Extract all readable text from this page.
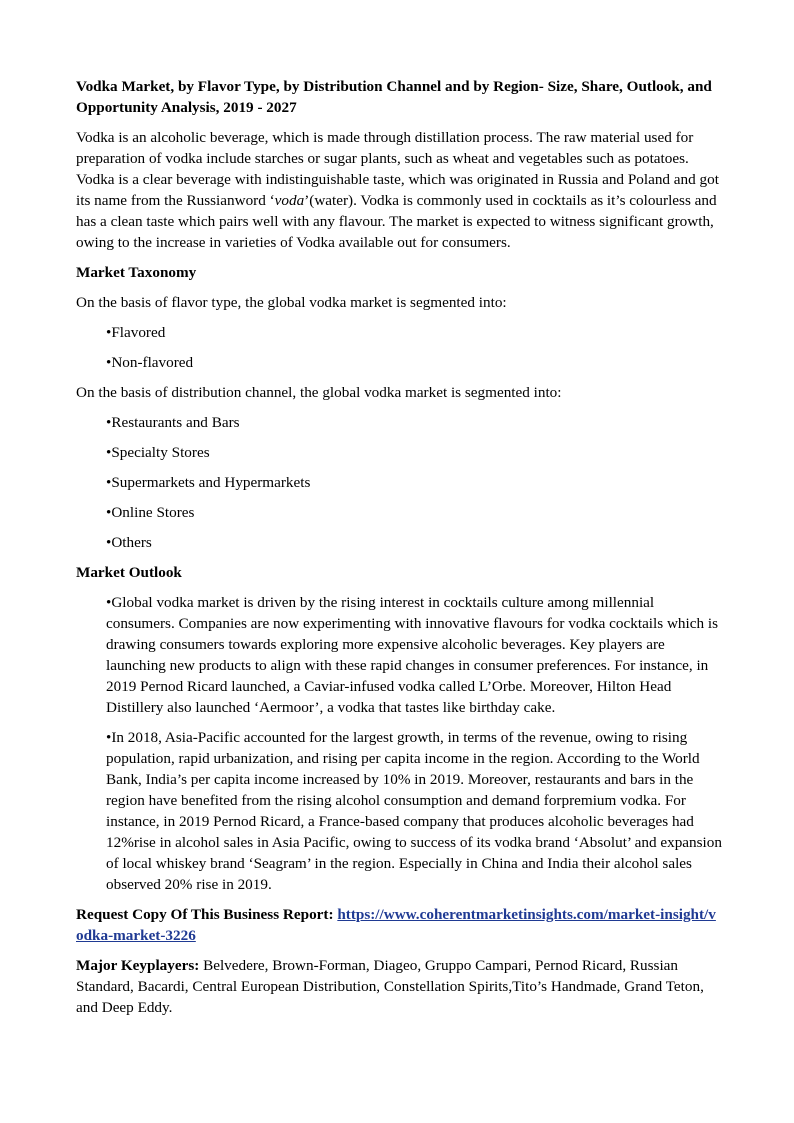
Vodka Market, by Flavor Type, by Distribution Channel and by Region- Size, Share, Outlook, and Opportunity Analysis, 2019 - 2027

Vodka is an alcoholic beverage, which is made through distillation process. The raw material used for preparation of vodka include starches or sugar plants, such as wheat and vegetables such as potatoes. Vodka is a clear beverage with indistinguishable taste, which was originated in Russia and Poland and got its name from the Russianword ‘voda’(water). Vodka is commonly used in cocktails as it’s colourless and has a clean taste which pairs well with any flavour. The market is expected to witness significant growth, owing to the increase in varieties of Vodka available out for consumers.

Market Taxonomy

On the basis of flavor type, the global vodka market is segmented into:

•Flavored

•Non-flavored

On the basis of distribution channel, the global vodka market is segmented into:

•Restaurants and Bars

•Specialty Stores

•Supermarkets and Hypermarkets

•Online Stores

•Others

Market Outlook

•Global vodka market is driven by the rising interest in cocktails culture among millennial consumers. Companies are now experimenting with innovative flavours for vodka cocktails which is drawing consumers towards exploring more expensive alcoholic beverages. Key players are launching new products to align with these rapid changes in consumer preferences. For instance, in 2019 Pernod Ricard launched, a Caviar-infused vodka called L’Orbe. Moreover, Hilton Head Distillery also launched ‘Aermoor’, a vodka that tastes like birthday cake.

•In 2018, Asia-Pacific accounted for the largest growth, in terms of the revenue, owing to rising population, rapid urbanization, and rising per capita income in the region. According to the World Bank, India’s per capita income increased by 10% in 2019. Moreover, restaurants and bars in the region have benefited from the rising alcohol consumption and demand forpremium vodka. For instance, in 2019 Pernod Ricard, a France-based company that produces alcoholic beverages had 12%rise in alcohol sales in Asia Pacific, owing to success of its vodka brand ‘Absolut’ and expansion of local whiskey brand ‘Seagram’ in the region. Especially in China and India their alcohol sales observed 20% rise in 2019.

Request Copy Of This Business Report: https://www.coherentmarketinsights.com/market-insight/vodka-market-3226

Major Keyplayers: Belvedere, Brown-Forman, Diageo, Gruppo Campari, Pernod Ricard, Russian Standard, Bacardi, Central European Distribution, Constellation Spirits,Tito’s Handmade, Grand Teton, and Deep Eddy.
